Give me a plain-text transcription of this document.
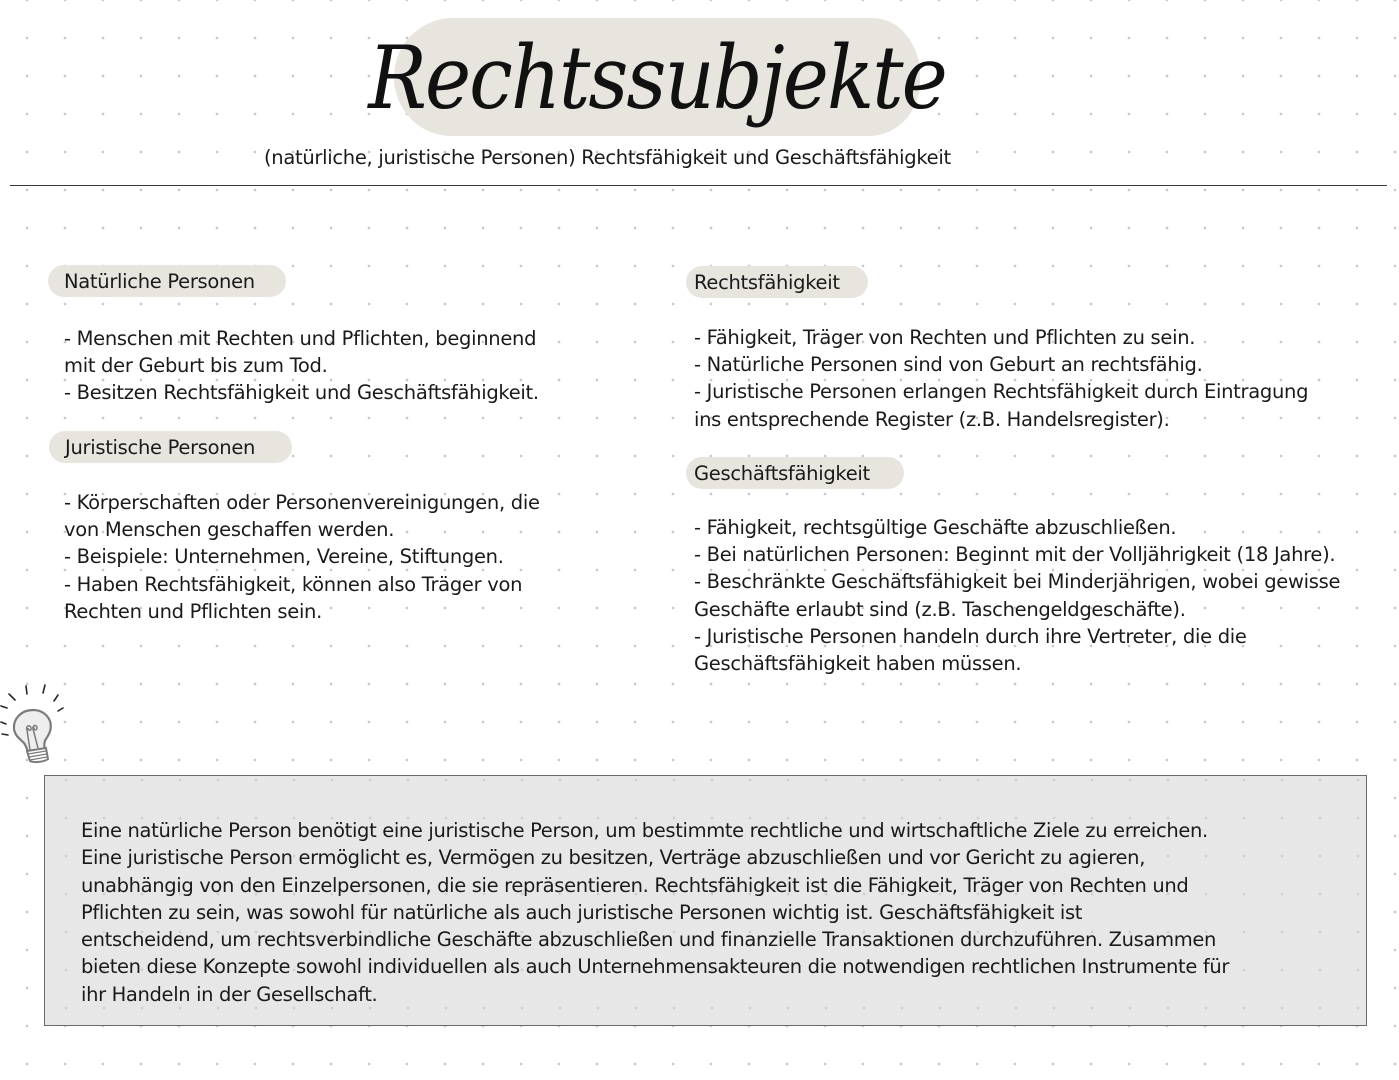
Rechtssubjekte
(natürliche, juristische Personen) Rechtsfähigkeit und Geschäftsfähigkeit
Natürliche Personen
- Menschen mit Rechten und Pflichten, beginnend
mit der Geburt bis zum Tod.
- Besitzen Rechtsfähigkeit und Geschäftsfähigkeit.
Juristische Personen
- Körperschaften oder Personenvereinigungen, die
von Menschen geschaffen werden.
- Beispiele: Unternehmen, Vereine, Stiftungen.
- Haben Rechtsfähigkeit, können also Träger von
Rechten und Pflichten sein.
Rechtsfähigkeit
- Fähigkeit, Träger von Rechten und Pflichten zu sein.
- Natürliche Personen sind von Geburt an rechtsfähig.
- Juristische Personen erlangen Rechtsfähigkeit durch Eintragung
ins entsprechende Register (z.B. Handelsregister).
Geschäftsfähigkeit
- Fähigkeit, rechtsgültige Geschäfte abzuschließen.
- Bei natürlichen Personen: Beginnt mit der Volljährigkeit (18 Jahre).
- Beschränkte Geschäftsfähigkeit bei Minderjährigen, wobei gewisse
Geschäfte erlaubt sind (z.B. Taschengeldgeschäfte).
- Juristische Personen handeln durch ihre Vertreter, die die
Geschäftsfähigkeit haben müssen.

Eine natürliche Person benötigt eine juristische Person, um bestimmte rechtliche und wirtschaftliche Ziele zu erreichen.
Eine juristische Person ermöglicht es, Vermögen zu besitzen, Verträge abzuschließen und vor Gericht zu agieren,
unabhängig von den Einzelpersonen, die sie repräsentieren. Rechtsfähigkeit ist die Fähigkeit, Träger von Rechten und
Pflichten zu sein, was sowohl für natürliche als auch juristische Personen wichtig ist. Geschäftsfähigkeit ist
entscheidend, um rechtsverbindliche Geschäfte abzuschließen und finanzielle Transaktionen durchzuführen. Zusammen
bieten diese Konzepte sowohl individuellen als auch Unternehmensakteuren die notwendigen rechtlichen Instrumente für
ihr Handeln in der Gesellschaft.
